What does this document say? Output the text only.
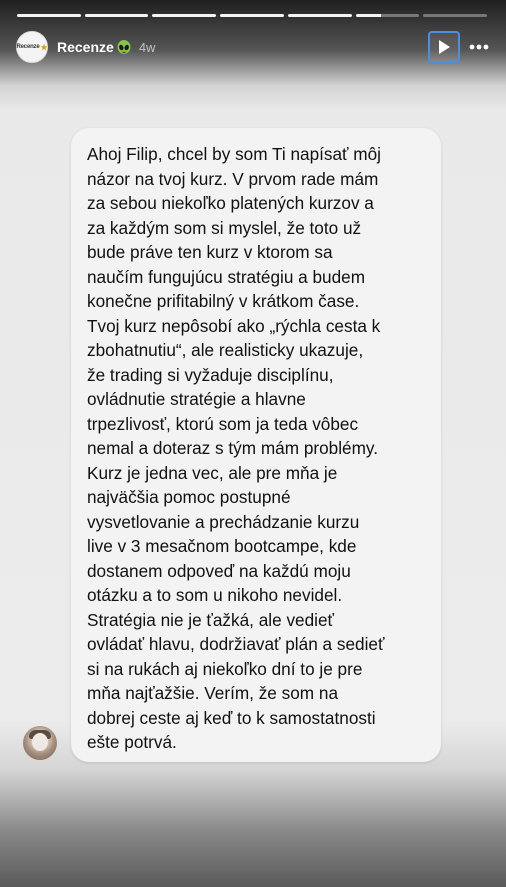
Recenze ★ Recenze 4w

Ahoj Filip, chcel by som Ti napísať môj
názor na tvoj kurz. V prvom rade mám
za sebou niekoľko platených kurzov a
za každým som si myslel, že toto už
bude práve ten kurz v ktorom sa
naučím fungujúcu stratégiu a budem
konečne prifitabilný v krátkom čase.
Tvoj kurz nepôsobí ako „rýchla cesta k
zbohatnutiu“, ale realisticky ukazuje,
že trading si vyžaduje disciplínu,
ovládnutie stratégie a hlavne
trpezlivosť, ktorú som ja teda vôbec
nemal a doteraz s tým mám problémy.
Kurz je jedna vec, ale pre mňa je
najväčšia pomoc postupné
vysvetlovanie a prechádzanie kurzu
live v 3 mesačnom bootcampe, kde
dostanem odpoveď na každú moju
otázku a to som u nikoho nevidel.
Stratégia nie je ťažká, ale vedieť
ovládať hlavu, dodržiavať plán a sedieť
si na rukách aj niekoľko dní to je pre
mňa najťažšie. Verím, že som na
dobrej ceste aj keď to k samostatnosti
ešte potrvá.
